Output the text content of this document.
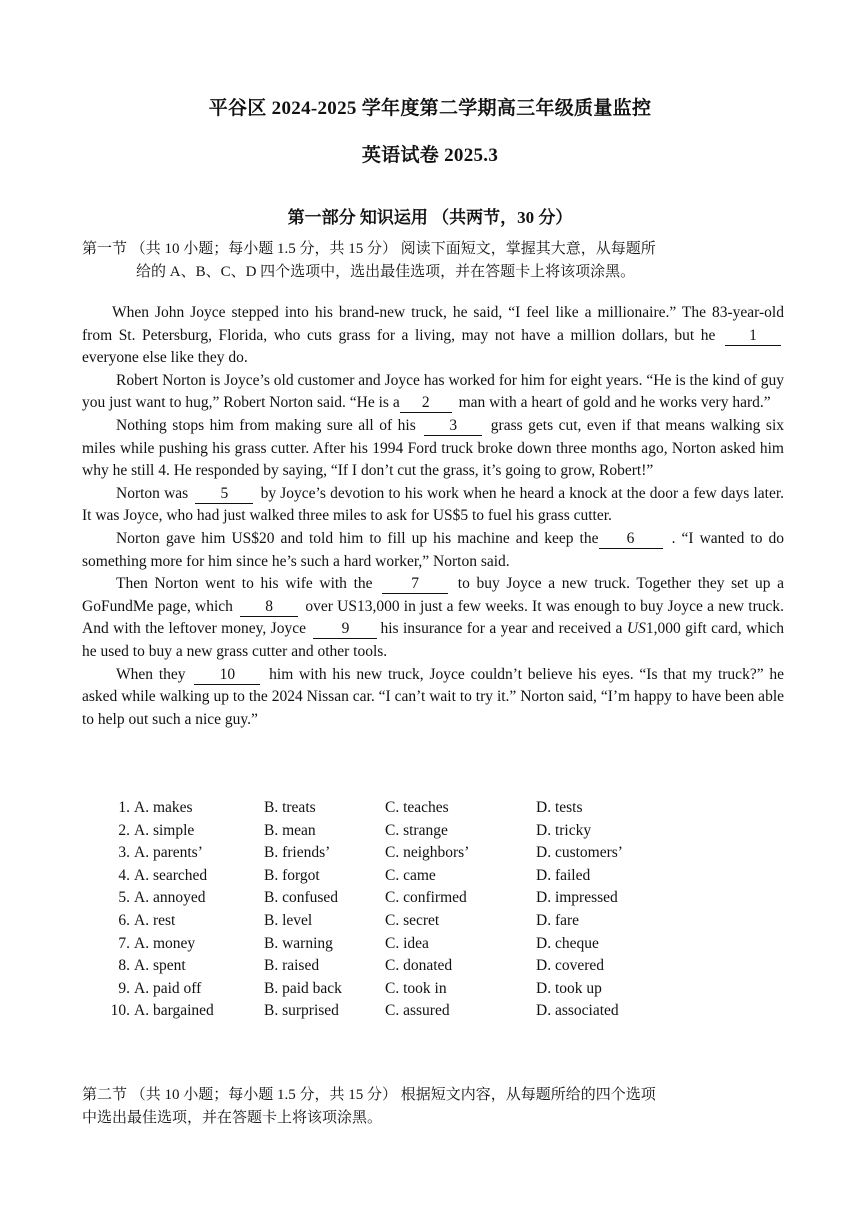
平谷区 2024-2025 学年度第二学期高三年级质量监控
英语试卷 2025.3
第一部分 知识运用 （共两节，30 分）
第一节 （共 10 小题；每小题 1.5 分，共 15 分） 阅读下面短文，掌握其大意，从每题所
给的 A、B、C、D 四个选项中，选出最佳选项，并在答题卡上将该项涂黑。

When John Joyce stepped into his brand-new truck, he said, “I feel like a millionaire.” The 83-year-old from St. Petersburg, Florida, who cuts grass for a living, may not have a million dollars, but he 1 everyone else like they do.

Robert Norton is Joyce’s old customer and Joyce has worked for him for eight years. “He is the kind of guy you just want to hug,” Robert Norton said. “He is a 2 man with a heart of gold and he works very hard.”

Nothing stops him from making sure all of his 3 grass gets cut, even if that means walking six miles while pushing his grass cutter. After his 1994 Ford truck broke down three months ago, Norton asked him why he still 4. He responded by saying, “If I don’t cut the grass, it’s going to grow, Robert!”

Norton was 5 by Joyce’s devotion to his work when he heard a knock at the door a few days later. It was Joyce, who had just walked three miles to ask for US$5 to fuel his grass cutter.

Norton gave him US$20 and told him to fill up his machine and keep the 6 . “I wanted to do something more for him since he’s such a hard worker,” Norton said.

Then Norton went to his wife with the	7	to buy Joyce a new truck. Together they set up a GoFundMe page, which 8 over US13,000 in just a few weeks. It was enough to buy Joyce a new truck. And with the leftover money, Joyce 9 his insurance for a year and received a US1,000 gift card, which he used to buy a new grass cutter and other tools.

When they 10 him with his new truck, Joyce couldn’t believe his eyes. “Is that my truck?” he asked while walking up to the 2024 Nissan car. “I can’t wait to try it.” Norton said, “I’m happy to have been able to help out such a nice guy.”

1. A. makes	B. treats	C. teaches	D. tests
2. A. simple	B. mean	C. strange	D. tricky
3. A. parents’	B. friends’	C. neighbors’	D. customers’
4. A. searched	B. forgot	C. came	D. failed
5. A. annoyed	B. confused	C. confirmed	D. impressed
6. A. rest	B. level	C. secret	D. fare
7. A. money	B. warning	C. idea	D. cheque
8. A. spent	B. raised	C. donated	D. covered
9. A. paid off	B. paid back	C. took in	D. took up
10. A. bargained	B. surprised	C. assured	D. associated
第二节 （共 10 小题；每小题 1.5 分，共 15 分） 根据短文内容，从每题所给的四个选项
中选出最佳选项，并在答题卡上将该项涂黑。
